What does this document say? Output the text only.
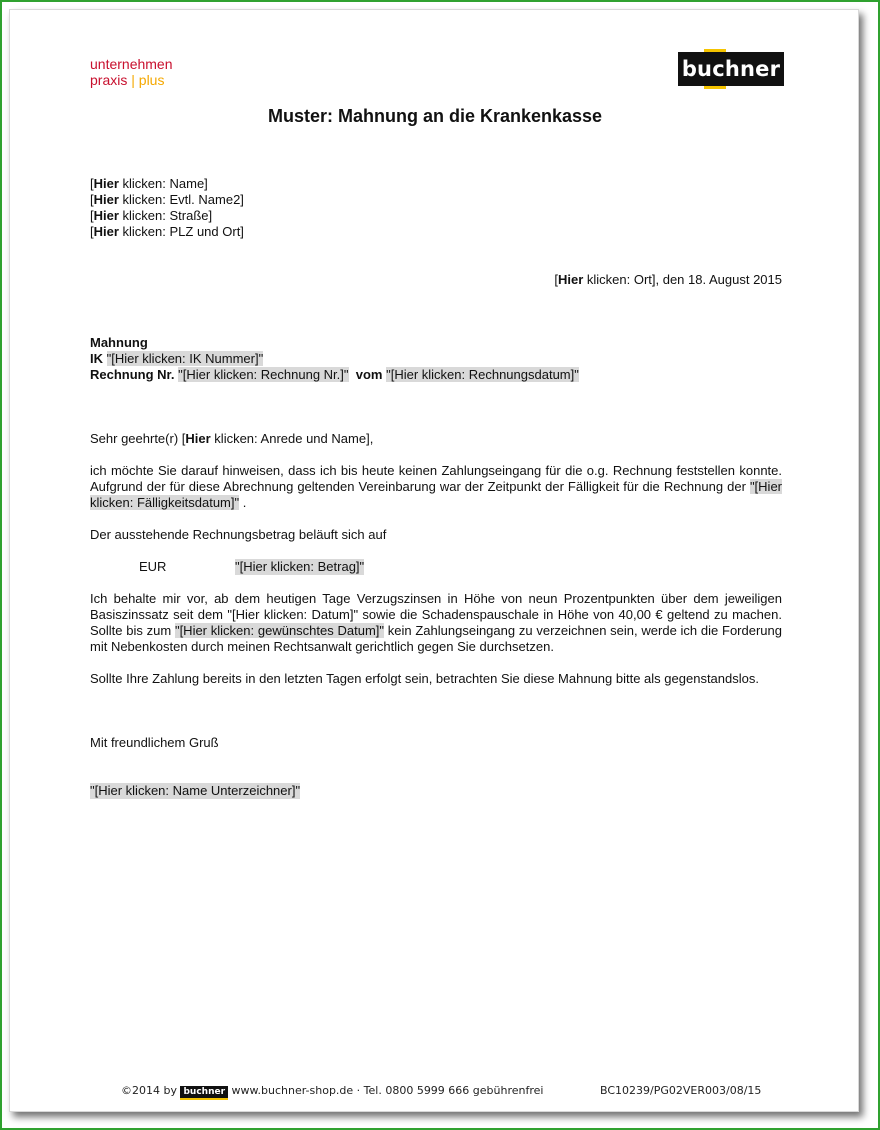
unternehmen
praxis | plus	buchner
Muster: Mahnung an die Krankenkasse
[Hier klicken: Name]
[Hier klicken: Evtl. Name2]
[Hier klicken: Straße]
[Hier klicken: PLZ und Ort]
[Hier klicken: Ort], den 18. August 2015
Mahnung
IK "[Hier klicken: IK Nummer]"
Rechnung Nr. "[Hier klicken: Rechnung Nr.]" vom "[Hier klicken: Rechnungsdatum]"
Sehr geehrte(r) [Hier klicken: Anrede und Name],
ich möchte Sie darauf hinweisen, dass ich bis heute keinen Zahlungseingang für die o.g. Rechnung feststellen konnte. Aufgrund der für diese Abrechnung geltenden Vereinbarung war der Zeitpunkt der Fälligkeit für die Rechnung der "[Hier klicken: Fälligkeitsdatum]" .
Der ausstehende Rechnungsbetrag beläuft sich auf
EUR	"[Hier klicken: Betrag]"
Ich behalte mir vor, ab dem heutigen Tage Verzugszinsen in Höhe von neun Prozentpunkten über dem jeweiligen Basiszinssatz seit dem "[Hier klicken: Datum]" sowie die Schadenspauschale in Höhe von 40,00 € geltend zu machen. Sollte bis zum "[Hier klicken: gewünschtes Datum]" kein Zahlungseingang zu verzeichnen sein, werde ich die Forderung mit Nebenkosten durch meinen Rechtsanwalt gerichtlich gegen Sie durchsetzen.
Sollte Ihre Zahlung bereits in den letzten Tagen erfolgt sein, betrachten Sie diese Mahnung bitte als gegenstandslos.
Mit freundlichem Gruß
"[Hier klicken: Name Unterzeichner]"
©2014 by buchner www.buchner-shop.de · Tel. 0800 5999 666 gebührenfrei	BC10239/PG02VER003/08/15
